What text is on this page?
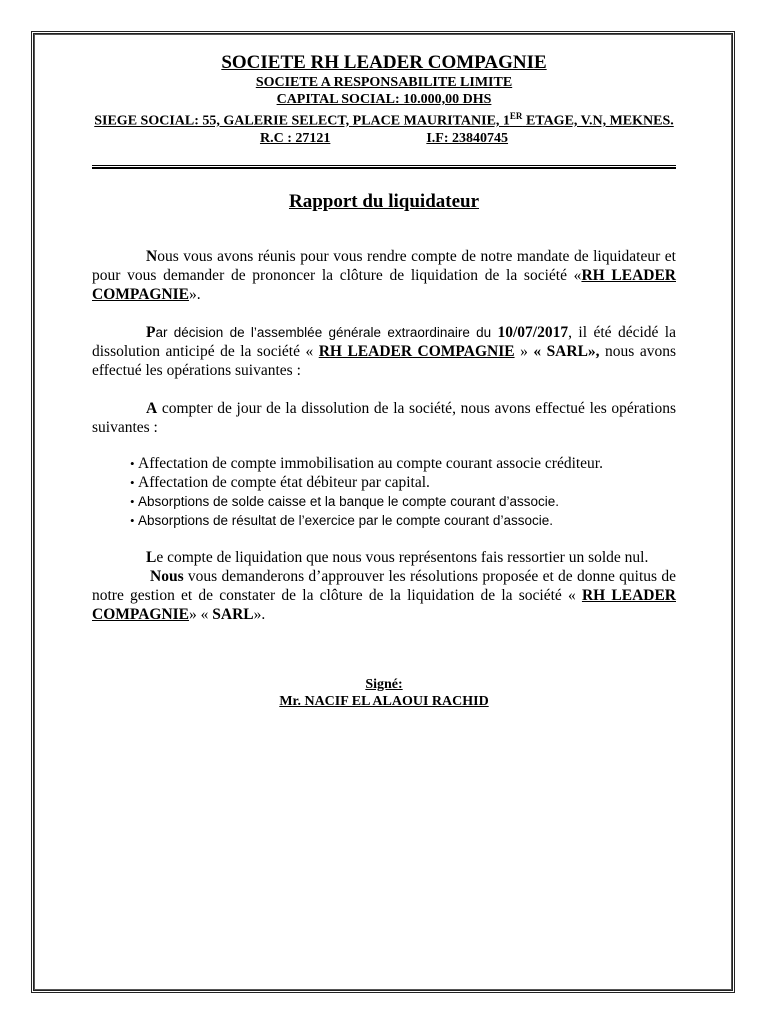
SOCIETE RH LEADER COMPAGNIE
SOCIETE A RESPONSABILITE LIMITE
CAPITAL SOCIAL: 10.000,00 DHS
SIEGE SOCIAL: 55, GALERIE SELECT, PLACE MAURITANIE, 1ER ETAGE, V.N, MEKNES.
R.C : 27121	I.F: 23840745
Rapport du liquidateur

Nous vous avons réunis pour vous rendre compte de notre mandate de liquidateur et pour vous demander de prononcer la clôture de liquidation de la société «RH LEADER COMPAGNIE».

Par décision de l’assemblée générale extraordinaire du 10/07/2017, il été décidé la dissolution anticipé de la société « RH LEADER COMPAGNIE » « SARL», nous avons effectué les opérations suivantes :

A compter de jour de la dissolution de la société, nous avons effectué les opérations suivantes :

• Affectation de compte immobilisation au compte courant associe créditeur.
• Affectation de compte état débiteur par capital.
• Absorptions de solde caisse et la banque le compte courant d’associe.
• Absorptions de résultat de l’exercice par le compte courant d’associe.

Le compte de liquidation que nous vous représentons fais ressortier un solde nul.

Nous vous demanderons d’approuver les résolutions proposée et de donne quitus de notre gestion et de constater de la clôture de la liquidation de la société « RH LEADER COMPAGNIE» « SARL».

Signé:
Mr. NACIF EL ALAOUI RACHID
